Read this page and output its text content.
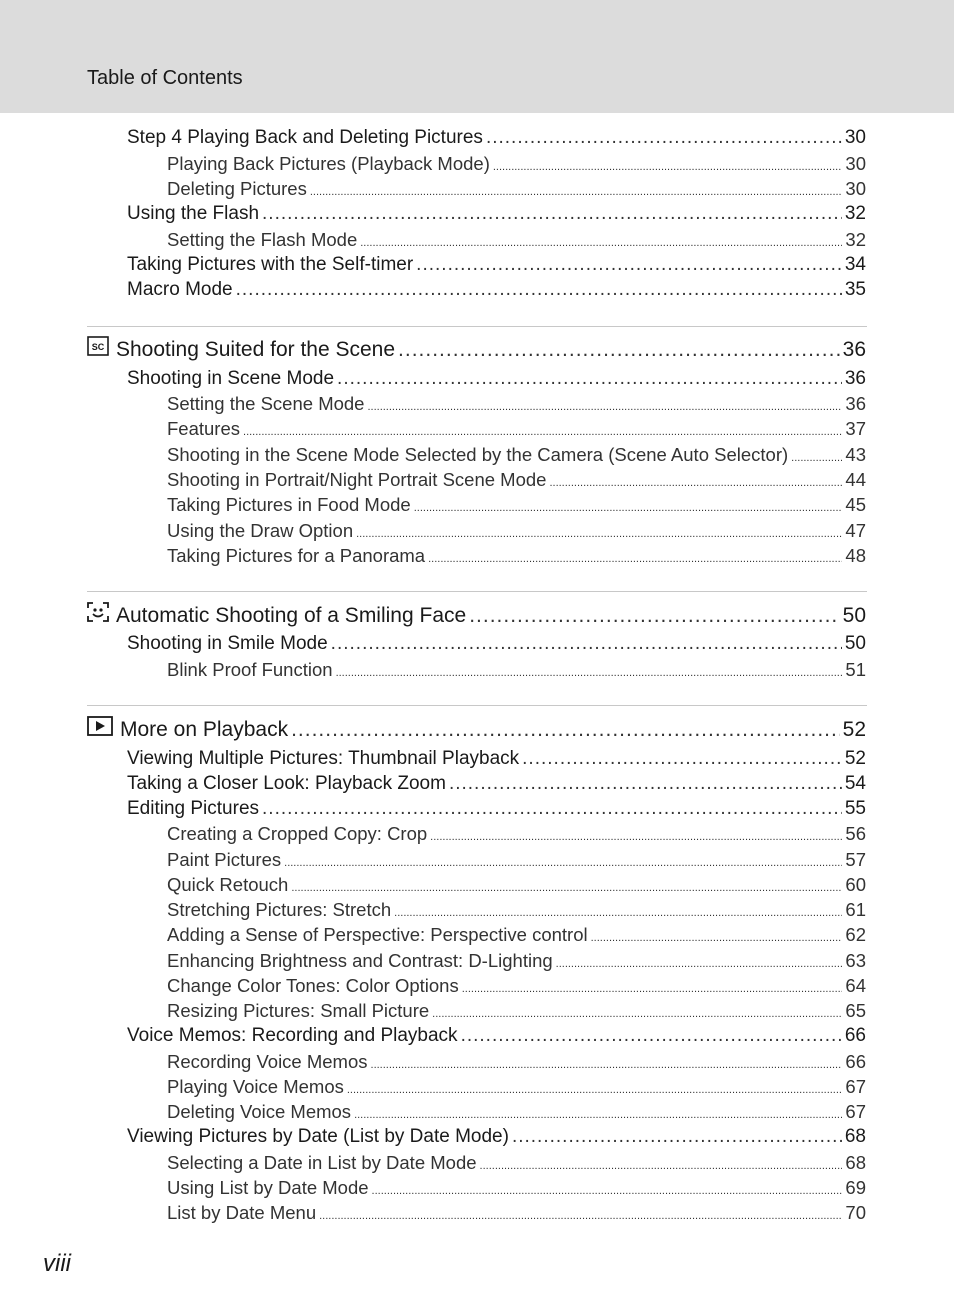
Table of Contents
Step 4 Playing Back and Deleting Pictures .....	30
Playing Back Pictures (Playback Mode) .....	30
Deleting Pictures .....	30
Using the Flash .....	32
Setting the Flash Mode .....	32
Taking Pictures with the Self-timer .....	34
Macro Mode .....	35
SC Shooting Suited for the Scene .....	36
Shooting in Scene Mode .....	36
Setting the Scene Mode .....	36
Features .....	37
Shooting in the Scene Mode Selected by the Camera (Scene Auto Selector) .....	43
Shooting in Portrait/Night Portrait Scene Mode .....	44
Taking Pictures in Food Mode .....	45
Using the Draw Option .....	47
Taking Pictures for a Panorama .....	48
Automatic Shooting of a Smiling Face .....	50
Shooting in Smile Mode .....	50
Blink Proof Function .....	51
More on Playback .....	52
Viewing Multiple Pictures: Thumbnail Playback .....	52
Taking a Closer Look: Playback Zoom .....	54
Editing Pictures .....	55
Creating a Cropped Copy: Crop .....	56
Paint Pictures .....	57
Quick Retouch .....	60
Stretching Pictures: Stretch .....	61
Adding a Sense of Perspective: Perspective control .....	62
Enhancing Brightness and Contrast: D-Lighting .....	63
Change Color Tones: Color Options .....	64
Resizing Pictures: Small Picture .....	65
Voice Memos: Recording and Playback .....	66
Recording Voice Memos .....	66
Playing Voice Memos .....	67
Deleting Voice Memos .....	67
Viewing Pictures by Date (List by Date Mode) .....	68
Selecting a Date in List by Date Mode .....	68
Using List by Date Mode .....	69
List by Date Menu .....	70
viii
